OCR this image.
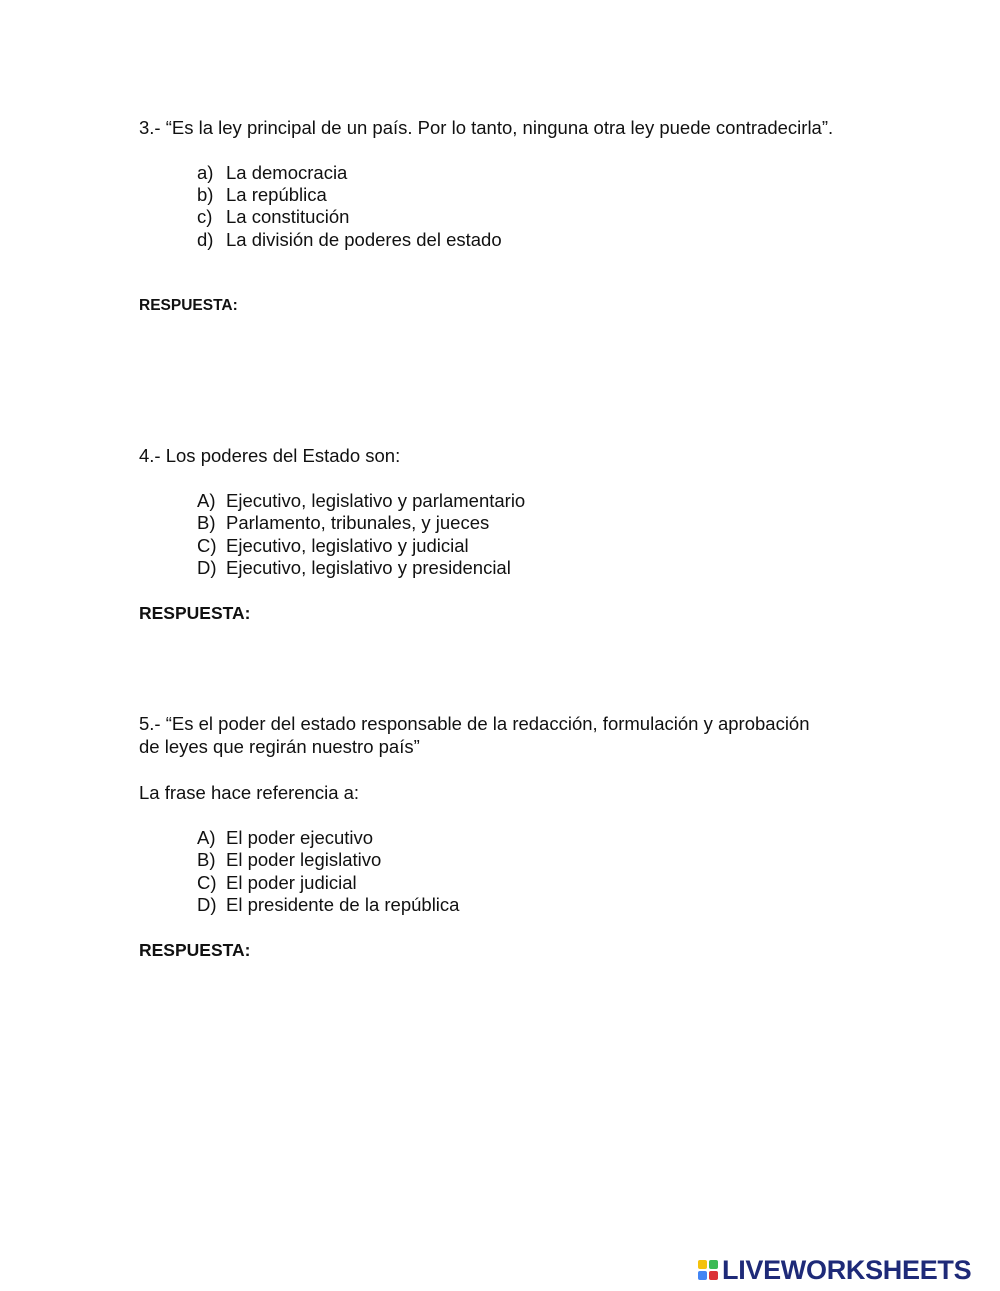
3.- “Es la ley principal de un país. Por lo tanto, ninguna otra ley puede contradecirla”.
a) La democracia
b) La república
c) La constitución
d) La división de poderes del estado
RESPUESTA:
4.- Los poderes del Estado son:
A) Ejecutivo, legislativo y parlamentario
B) Parlamento, tribunales, y jueces
C) Ejecutivo, legislativo y judicial
D) Ejecutivo, legislativo y presidencial
RESPUESTA:
5.- “Es el poder del estado responsable de la redacción, formulación y aprobación
de leyes que regirán nuestro país”
La frase hace referencia a:
A) El poder ejecutivo
B) El poder legislativo
C) El poder judicial
D) El presidente de la república
RESPUESTA:
LIVEWORKSHEETS
